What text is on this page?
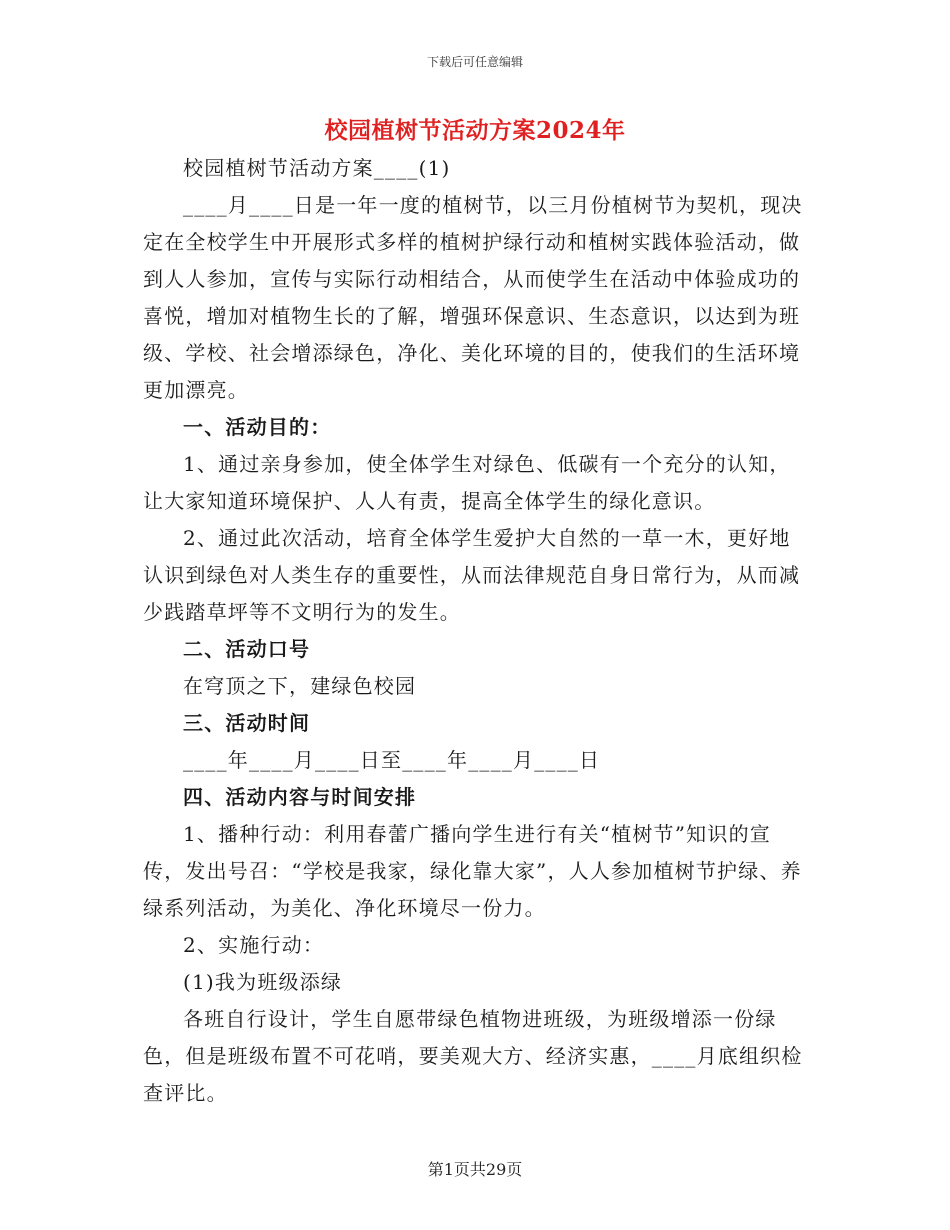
下载后可任意编辑
校园植树节活动方案2024年

校园植树节活动方案____(1)

____月____日是一年一度的植树节，以三月份植树节为契机，现决定在全校学生中开展形式多样的植树护绿行动和植树实践体验活动，做到人人参加，宣传与实际行动相结合，从而使学生在活动中体验成功的喜悦，增加对植物生长的了解，增强环保意识、生态意识，以达到为班级、学校、社会增添绿色，净化、美化环境的目的，使我们的生活环境更加漂亮。

一、活动目的：

1、通过亲身参加，使全体学生对绿色、低碳有一个充分的认知，让大家知道环境保护、人人有责，提高全体学生的绿化意识。

2、通过此次活动，培育全体学生爱护大自然的一草一木，更好地认识到绿色对人类生存的重要性，从而法律规范自身日常行为，从而减少践踏草坪等不文明行为的发生。

二、活动口号

在穹顶之下，建绿色校园

三、活动时间

____年____月____日至____年____月____日

四、活动内容与时间安排

1、播种行动：利用春蕾广播向学生进行有关“植树节”知识的宣传，发出号召：“学校是我家，绿化靠大家”，人人参加植树节护绿、养绿系列活动，为美化、净化环境尽一份力。

2、实施行动：

(1)我为班级添绿

各班自行设计，学生自愿带绿色植物进班级，为班级增添一份绿色，但是班级布置不可花哨，要美观大方、经济实惠，____月底组织检查评比。

第1页共29页
